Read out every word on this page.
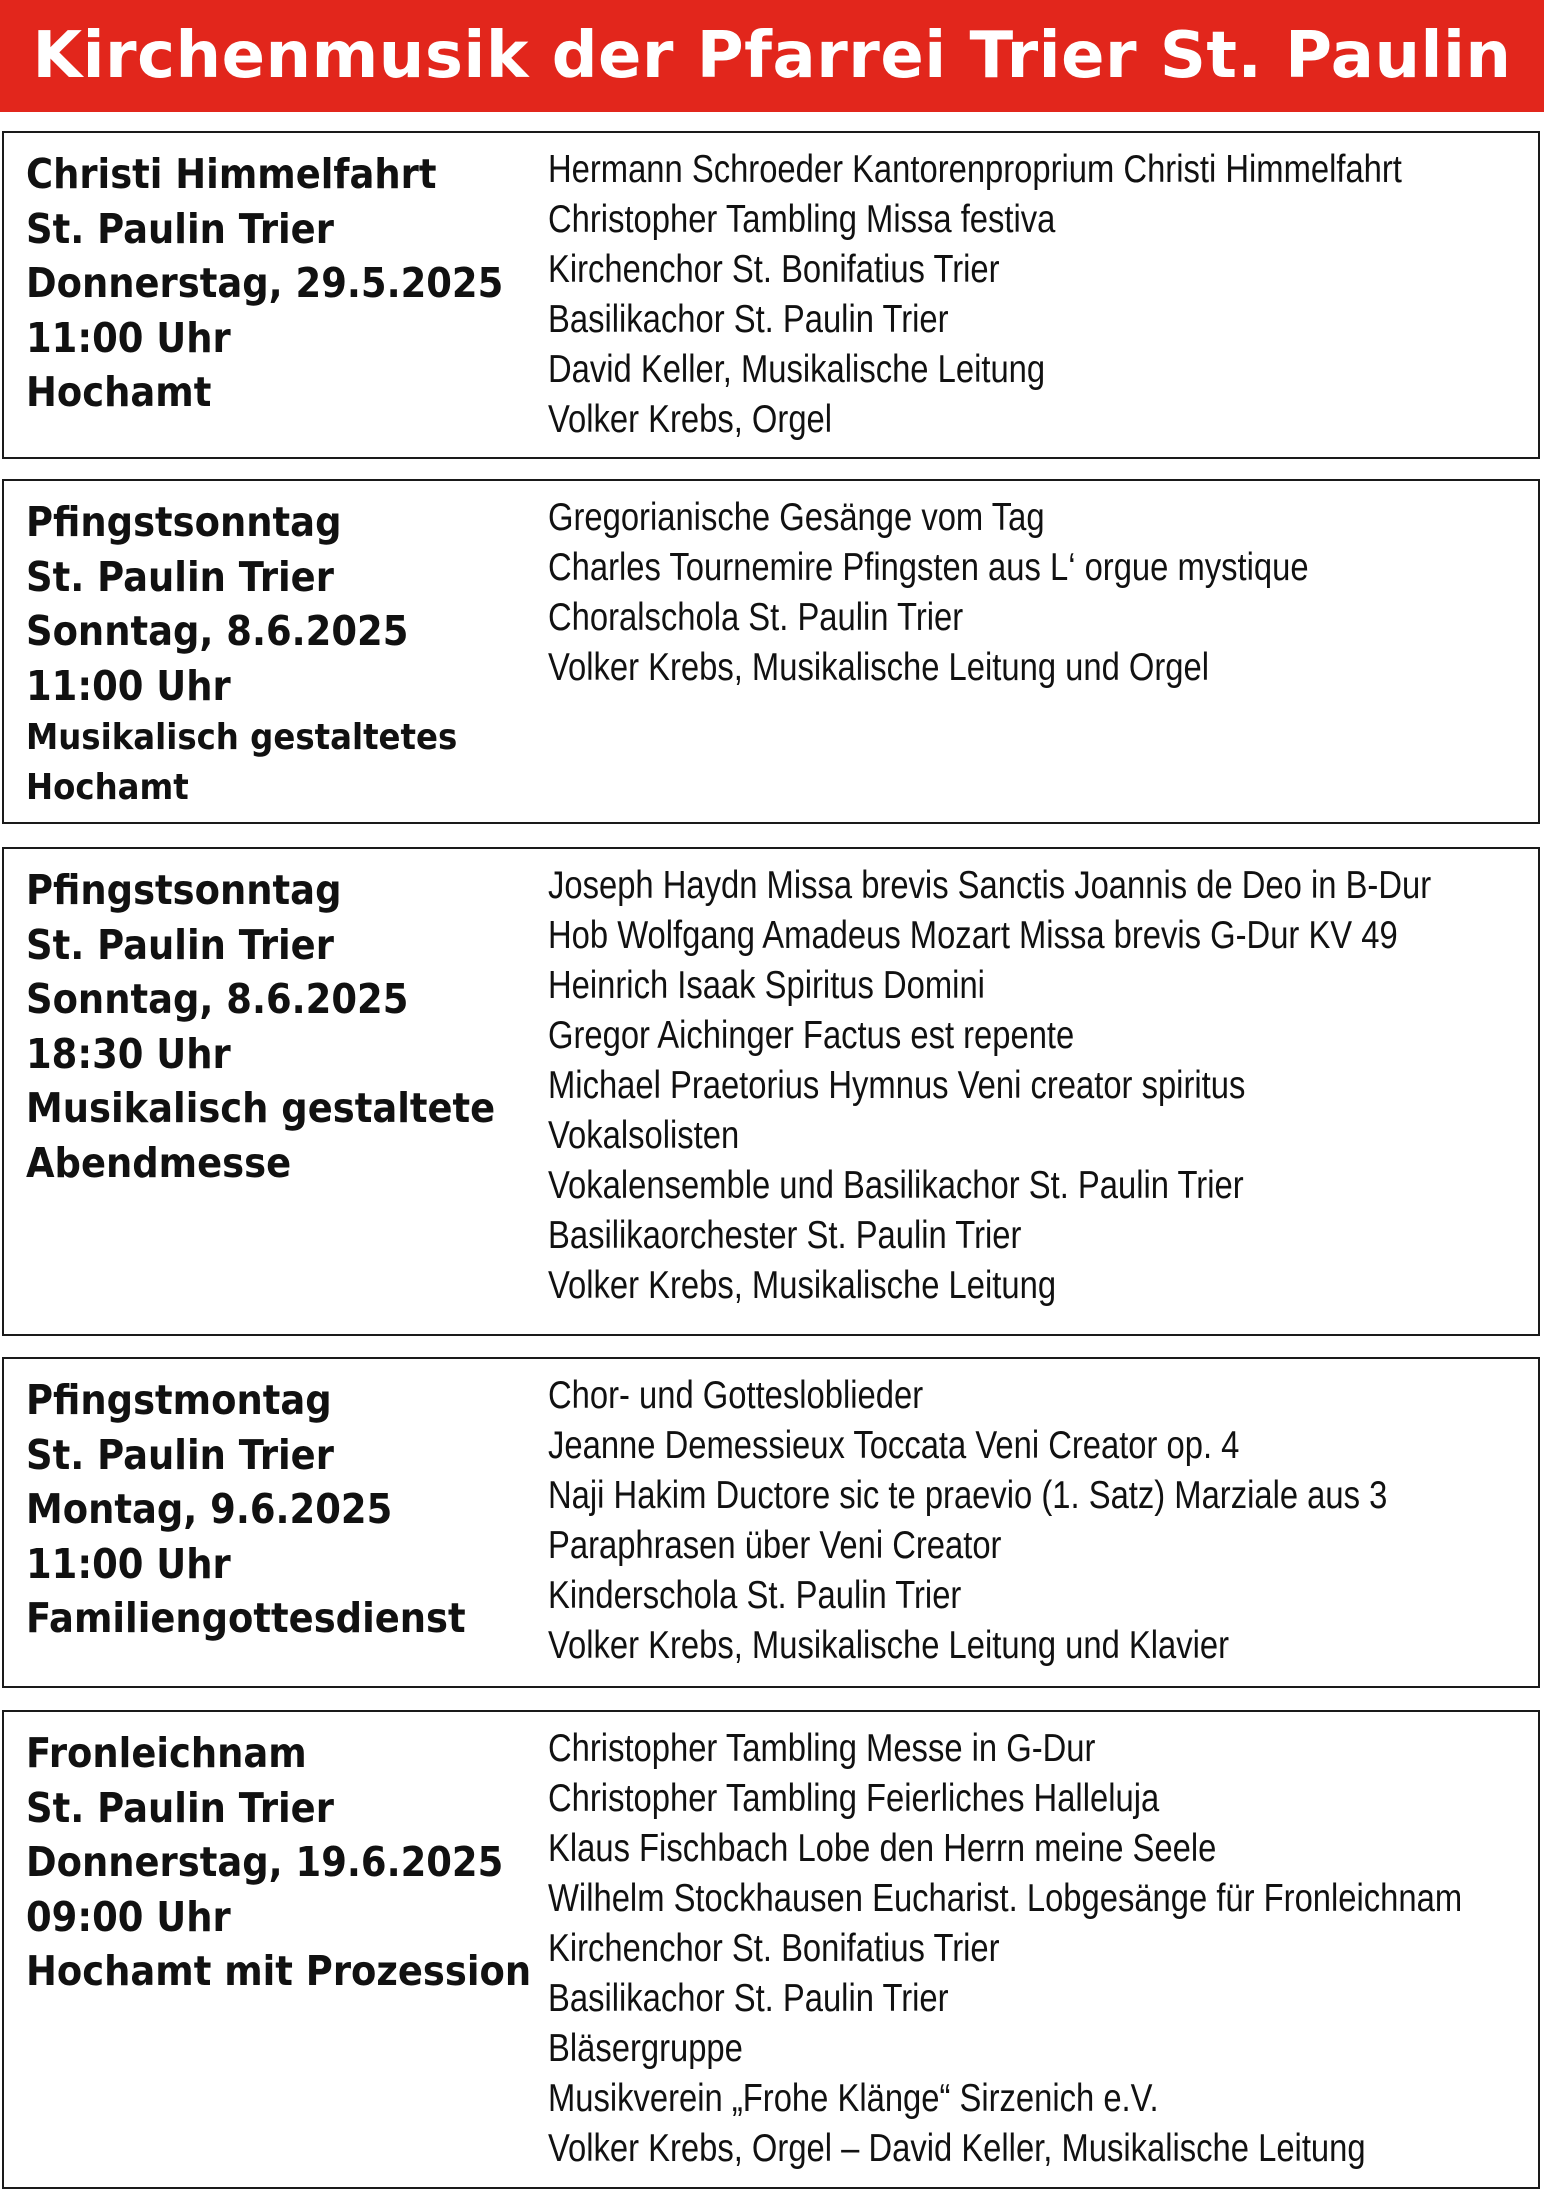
Kirchenmusik der Pfarrei Trier St. Paulin
Christi Himmelfahrt
St. Paulin Trier
Donnerstag, 29.5.2025
11:00 Uhr
Hochamt
Hermann Schroeder Kantorenproprium Christi Himmelfahrt
Christopher Tambling Missa festiva
Kirchenchor St. Bonifatius Trier
Basilikachor St. Paulin Trier
David Keller, Musikalische Leitung
Volker Krebs, Orgel
Pfingstsonntag
St. Paulin Trier
Sonntag, 8.6.2025
11:00 Uhr
Musikalisch gestaltetes
Hochamt
Gregorianische Gesänge vom Tag
Charles Tournemire Pfingsten aus L‘ orgue mystique
Choralschola St. Paulin Trier
Volker Krebs, Musikalische Leitung und Orgel
Pfingstsonntag
St. Paulin Trier
Sonntag, 8.6.2025
18:30 Uhr
Musikalisch gestaltete
Abendmesse
Joseph Haydn Missa brevis Sanctis Joannis de Deo in B-Dur
Hob Wolfgang Amadeus Mozart Missa brevis G-Dur KV 49
Heinrich Isaak Spiritus Domini
Gregor Aichinger Factus est repente
Michael Praetorius Hymnus Veni creator spiritus
Vokalsolisten
Vokalensemble und Basilikachor St. Paulin Trier
Basilikaorchester St. Paulin Trier
Volker Krebs, Musikalische Leitung
Pfingstmontag
St. Paulin Trier
Montag, 9.6.2025
11:00 Uhr
Familiengottesdienst
Chor- und Gottesloblieder
Jeanne Demessieux Toccata Veni Creator op. 4
Naji Hakim Ductore sic te praevio (1. Satz) Marziale aus 3
Paraphrasen über Veni Creator
Kinderschola St. Paulin Trier
Volker Krebs, Musikalische Leitung und Klavier
Fronleichnam
St. Paulin Trier
Donnerstag, 19.6.2025
09:00 Uhr
Hochamt mit Prozession
Christopher Tambling Messe in G-Dur
Christopher Tambling Feierliches Halleluja
Klaus Fischbach Lobe den Herrn meine Seele
Wilhelm Stockhausen Eucharist. Lobgesänge für Fronleichnam
Kirchenchor St. Bonifatius Trier
Basilikachor St. Paulin Trier
Bläsergruppe
Musikverein „Frohe Klänge“ Sirzenich e.V.
Volker Krebs, Orgel – David Keller, Musikalische Leitung
